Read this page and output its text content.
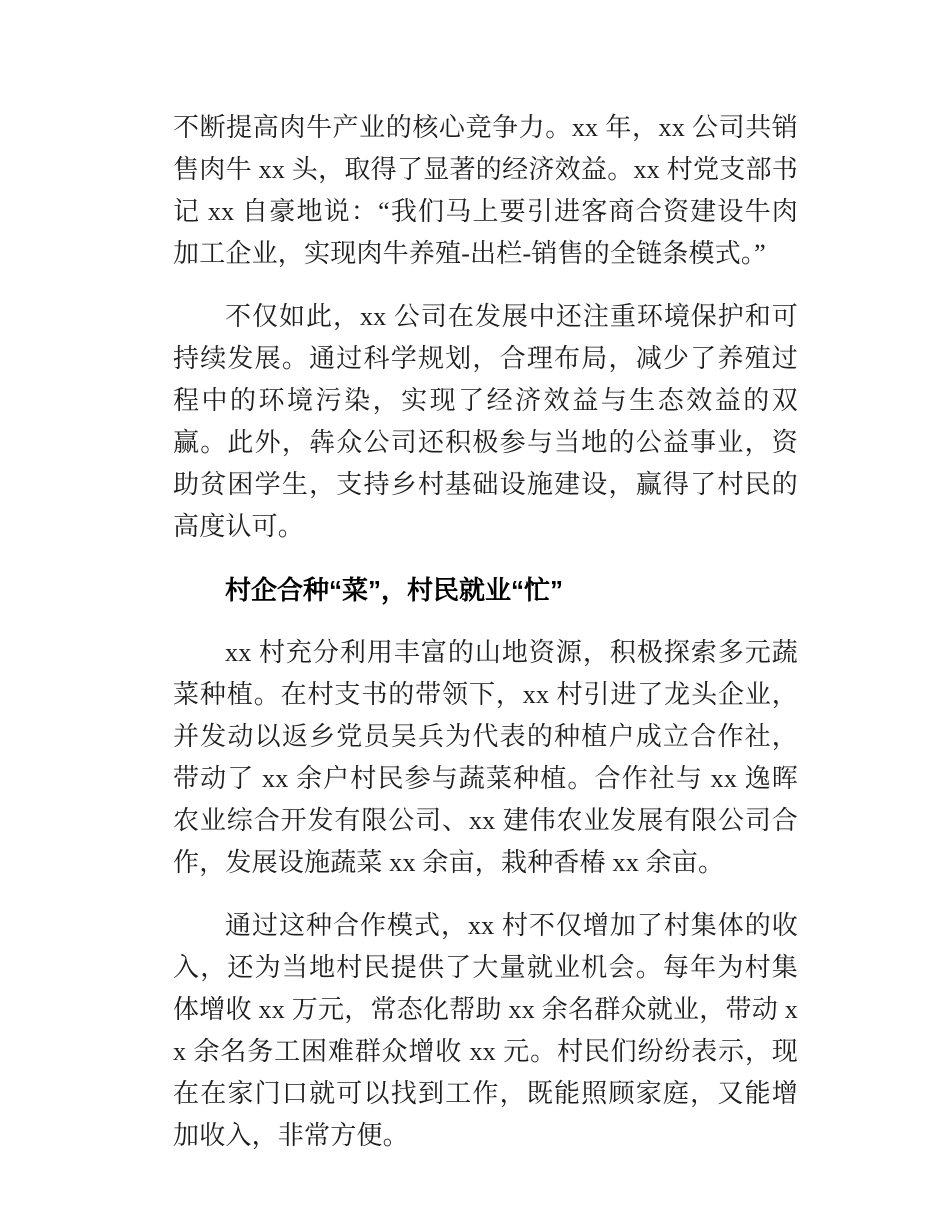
不断提高肉牛产业的核心竞争力。xx 年，xx 公司共销售肉牛 xx 头，取得了显著的经济效益。xx 村党支部书记 xx 自豪地说：“我们马上要引进客商合资建设牛肉加工企业，实现肉牛养殖-出栏-销售的全链条模式。”

不仅如此，xx 公司在发展中还注重环境保护和可持续发展。通过科学规划，合理布局，减少了养殖过程中的环境污染，实现了经济效益与生态效益的双赢。此外，犇众公司还积极参与当地的公益事业，资助贫困学生，支持乡村基础设施建设，赢得了村民的高度认可。

村企合种“菜”，村民就业“忙”

xx 村充分利用丰富的山地资源，积极探索多元蔬菜种植。在村支书的带领下，xx 村引进了龙头企业，并发动以返乡党员吴兵为代表的种植户成立合作社，带动了 xx 余户村民参与蔬菜种植。合作社与 xx 逸晖农业综合开发有限公司、xx 建伟农业发展有限公司合作，发展设施蔬菜 xx 余亩，栽种香椿 xx 余亩。

通过这种合作模式，xx 村不仅增加了村集体的收入，还为当地村民提供了大量就业机会。每年为村集体增收 xx 万元，常态化帮助 xx 余名群众就业，带动 xx 余名务工困难群众增收 xx 元。村民们纷纷表示，现在在家门口就可以找到工作，既能照顾家庭，又能增加收入，非常方便。
